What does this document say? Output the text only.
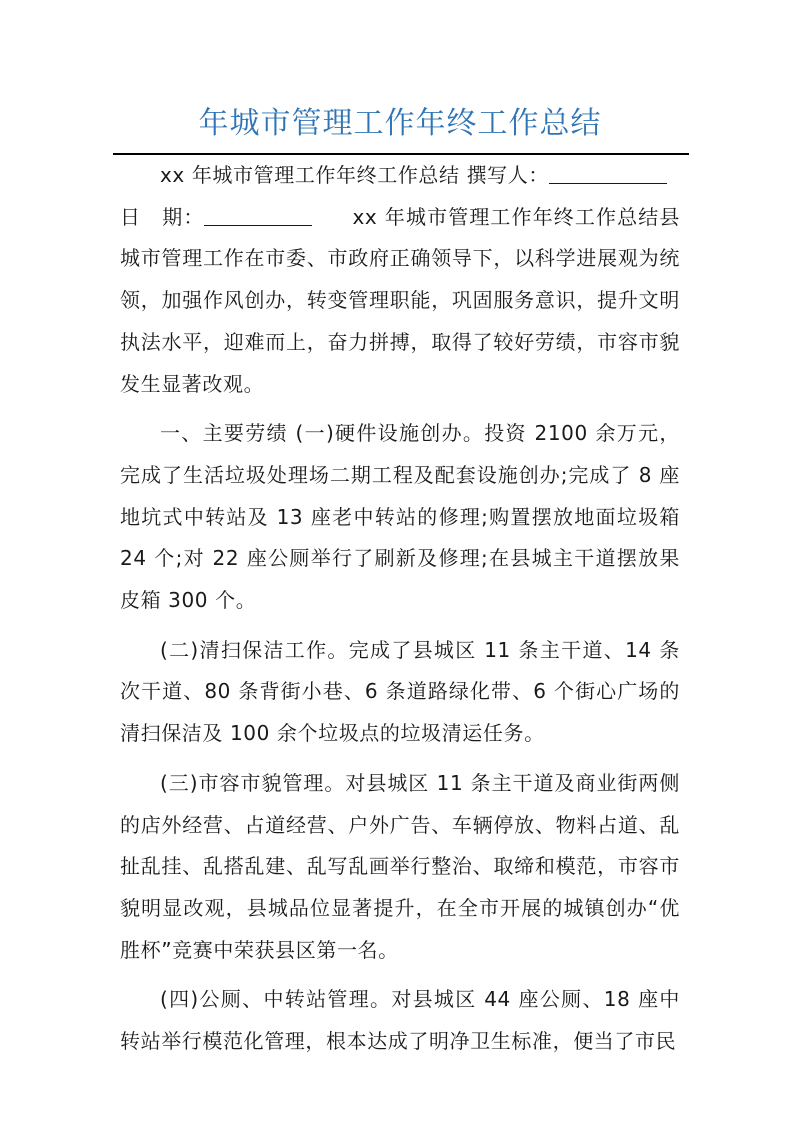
年城市管理工作年终工作总结

xx 年城市管理工作年终工作总结 撰写人：

日　期：	xx 年城市管理工作年终工作总结县城市管理工作在市委、市政府正确领导下，以科学进展观为统领，加强作风创办，转变管理职能，巩固服务意识，提升文明执法水平，迎难而上，奋力拼搏，取得了较好劳绩，市容市貌发生显著改观。

一、主要劳绩 (一)硬件设施创办。投资 2100 余万元，完成了生活垃圾处理场二期工程及配套设施创办;完成了 8 座地坑式中转站及 13 座老中转站的修理;购置摆放地面垃圾箱 24 个;对 22 座公厕举行了刷新及修理;在县城主干道摆放果皮箱 300 个。

(二)清扫保洁工作。完成了县城区 11 条主干道、14 条次干道、80 条背街小巷、6 条道路绿化带、6 个街心广场的清扫保洁及 100 余个垃圾点的垃圾清运任务。

(三)市容市貌管理。对县城区 11 条主干道及商业街两侧的店外经营、占道经营、户外广告、车辆停放、物料占道、乱扯乱挂、乱搭乱建、乱写乱画举行整治、取缔和模范，市容市貌明显改观，县城品位显著提升，在全市开展的城镇创办“优胜杯”竞赛中荣获县区第一名。

(四)公厕、中转站管理。对县城区 44 座公厕、18 座中转站举行模范化管理，根本达成了明净卫生标准，便当了市民
